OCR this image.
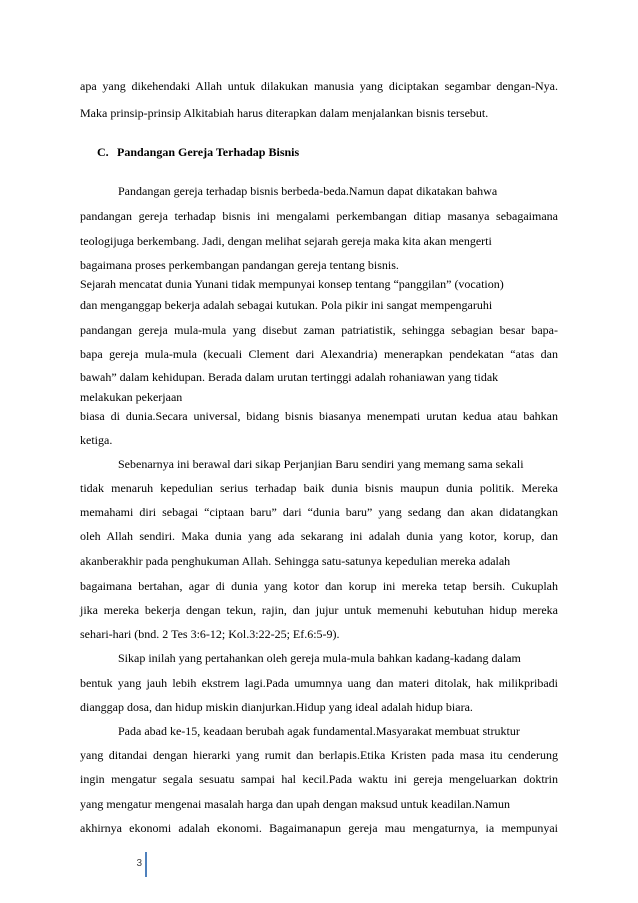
apa yang dikehendaki Allah untuk dilakukan manusia yang diciptakan segambar dengan-Nya.
Maka prinsip-prinsip Alkitabiah harus diterapkan dalam menjalankan bisnis tersebut.
C. Pandangan Gereja Terhadap Bisnis
Pandangan gereja terhadap bisnis berbeda-beda.Namun dapat dikatakan bahwa
pandangan gereja terhadap bisnis ini mengalami perkembangan ditiap masanya sebagaimana
teologijuga berkembang. Jadi, dengan melihat sejarah gereja maka kita akan mengerti
bagaimana proses perkembangan pandangan gereja tentang bisnis.
Sejarah mencatat dunia Yunani tidak mempunyai konsep tentang “panggilan” (vocation)
dan menganggap bekerja adalah sebagai kutukan. Pola pikir ini sangat mempengaruhi
pandangan gereja mula-mula yang disebut zaman patriatistik, sehingga sebagian besar bapa-
bapa gereja mula-mula (kecuali Clement dari Alexandria) menerapkan pendekatan “atas dan
bawah” dalam kehidupan. Berada dalam urutan tertinggi adalah rohaniawan yang tidak
melakukan pekerjaan
biasa di dunia.Secara universal, bidang bisnis biasanya menempati urutan kedua atau bahkan
ketiga.
Sebenarnya ini berawal dari sikap Perjanjian Baru sendiri yang memang sama sekali
tidak menaruh kepedulian serius terhadap baik dunia bisnis maupun dunia politik. Mereka
memahami diri sebagai “ciptaan baru” dari “dunia baru” yang sedang dan akan didatangkan
oleh Allah sendiri. Maka dunia yang ada sekarang ini adalah dunia yang kotor, korup, dan
akanberakhir pada penghukuman Allah. Sehingga satu-satunya kepedulian mereka adalah
bagaimana bertahan, agar di dunia yang kotor dan korup ini mereka tetap bersih. Cukuplah
jika mereka bekerja dengan tekun, rajin, dan jujur untuk memenuhi kebutuhan hidup mereka
sehari-hari (bnd. 2 Tes 3:6-12; Kol.3:22-25; Ef.6:5-9).
Sikap inilah yang pertahankan oleh gereja mula-mula bahkan kadang-kadang dalam
bentuk yang jauh lebih ekstrem lagi.Pada umumnya uang dan materi ditolak, hak milikpribadi
dianggap dosa, dan hidup miskin dianjurkan.Hidup yang ideal adalah hidup biara.
Pada abad ke-15, keadaan berubah agak fundamental.Masyarakat membuat struktur
yang ditandai dengan hierarki yang rumit dan berlapis.Etika Kristen pada masa itu cenderung
ingin mengatur segala sesuatu sampai hal kecil.Pada waktu ini gereja mengeluarkan doktrin
yang mengatur mengenai masalah harga dan upah dengan maksud untuk keadilan.Namun
akhirnya ekonomi adalah ekonomi. Bagaimanapun gereja mau mengaturnya, ia mempunyai
3
